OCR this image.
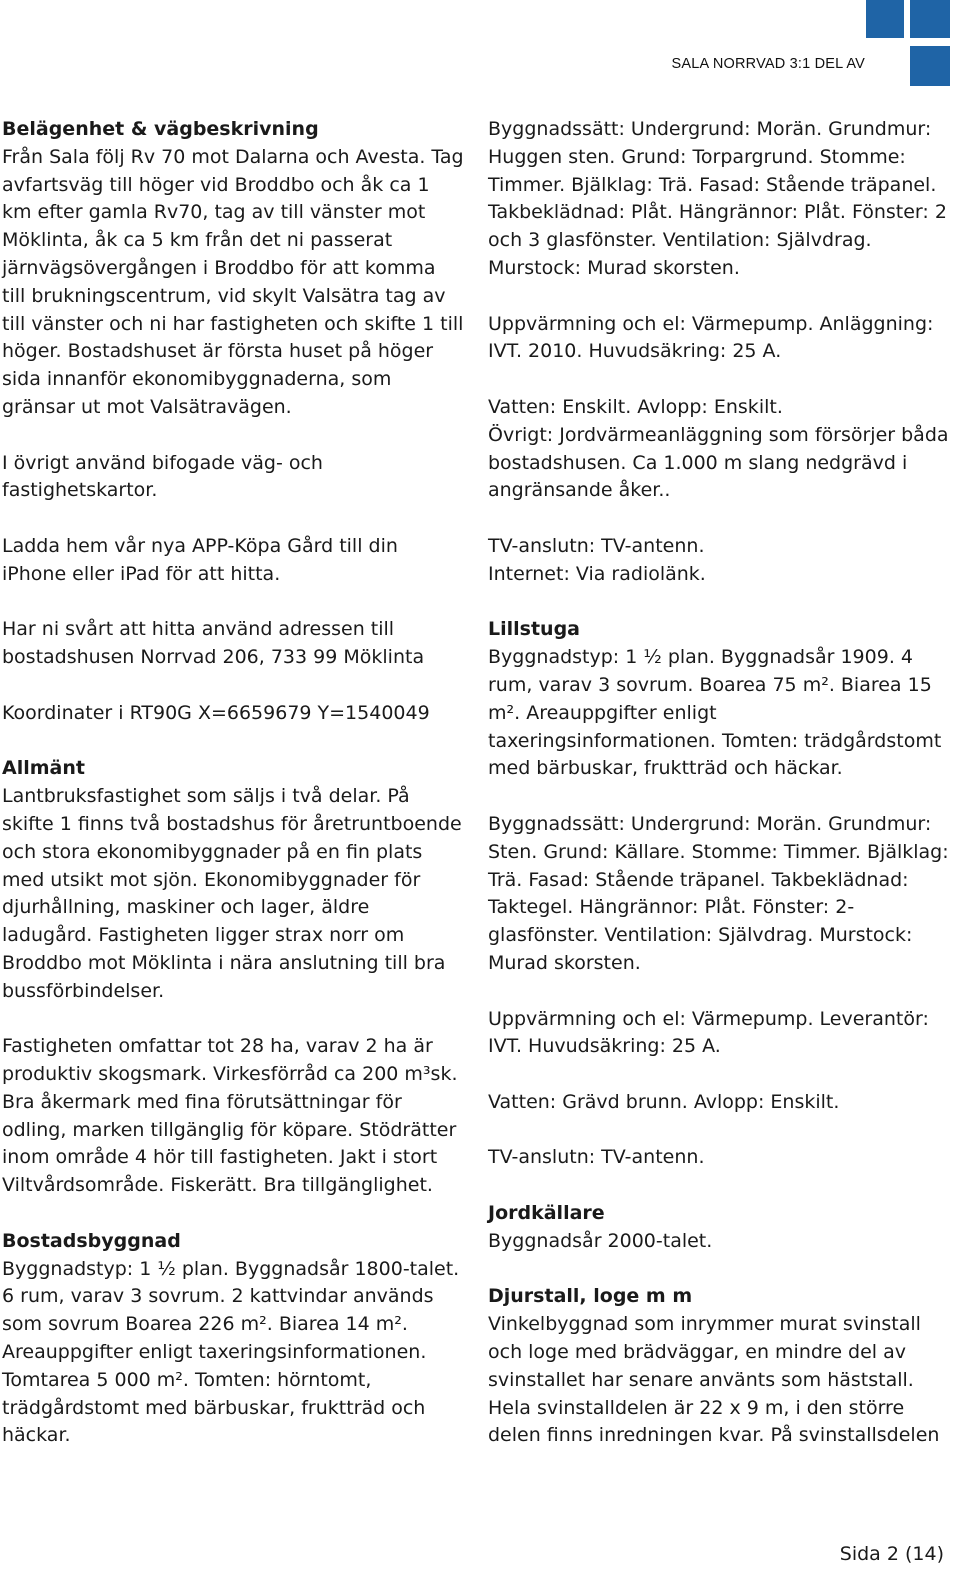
SALA NORRVAD 3:1 DEL AV
Belägenhet & vägbeskrivning

Från Sala följ Rv 70 mot Dalarna och Avesta. Tag avfartsväg till höger vid Broddbo och åk ca 1 km efter gamla Rv70, tag av till vänster mot Möklinta, åk ca 5 km från det ni passerat järnvägsövergången i Broddbo för att komma till brukningscentrum, vid skylt Valsätra tag av till vänster och ni har fastigheten och skifte 1 till höger. Bostadshuset är första huset på höger sida innanför ekonomibyggnaderna, som gränsar ut mot Valsätravägen.

I övrigt använd bifogade väg- och fastighetskartor.

Ladda hem vår nya APP-Köpa Gård till din iPhone eller iPad för att hitta.

Har ni svårt att hitta använd adressen till bostadshusen Norrvad 206, 733 99 Möklinta

Koordinater i RT90G X=6659679 Y=1540049

Allmänt

Lantbruksfastighet som säljs i två delar. På skifte 1 finns två bostadshus för åretruntboende och stora ekonomibyggnader på en fin plats med utsikt mot sjön. Ekonomibyggnader för djurhållning, maskiner och lager, äldre ladugård. Fastigheten ligger strax norr om Broddbo mot Möklinta i nära anslutning till bra bussförbindelser.

Fastigheten omfattar tot 28 ha, varav 2 ha är produktiv skogsmark. Virkesförråd ca 200 m³sk. Bra åkermark med fina förutsättningar för odling, marken tillgänglig för köpare. Stödrätter inom område 4 hör till fastigheten. Jakt i stort Viltvårdsområde. Fiskerätt. Bra tillgänglighet.

Bostadsbyggnad

Byggnadstyp: 1 ½ plan. Byggnadsår 1800-talet. 6 rum, varav 3 sovrum. 2 kattvindar används som sovrum Boarea 226 m². Biarea 14 m². Areauppgifter enligt taxeringsinformationen. Tomtarea 5 000 m². Tomten: hörntomt, trädgårdstomt med bärbuskar, fruktträd och häckar.

Byggnadssätt: Undergrund: Morän. Grundmur: Huggen sten. Grund: Torpargrund. Stomme: Timmer. Bjälklag: Trä. Fasad: Stående träpanel. Takbeklädnad: Plåt. Hängrännor: Plåt. Fönster: 2 och 3 glasfönster. Ventilation: Självdrag. Murstock: Murad skorsten.

Uppvärmning och el: Värmepump. Anläggning: IVT. 2010. Huvudsäkring: 25 A.

Vatten: Enskilt. Avlopp: Enskilt.

Övrigt: Jordvärmeanläggning som försörjer båda bostadshusen. Ca 1.000 m slang nedgrävd i angränsande åker..

TV-anslutn: TV-antenn.

Internet: Via radiolänk.

Lillstuga

Byggnadstyp: 1 ½ plan. Byggnadsår 1909. 4 rum, varav 3 sovrum. Boarea 75 m². Biarea 15 m². Areauppgifter enligt taxeringsinformationen. Tomten: trädgårdstomt med bärbuskar, fruktträd och häckar.

Byggnadssätt: Undergrund: Morän. Grundmur: Sten. Grund: Källare. Stomme: Timmer. Bjälklag: Trä. Fasad: Stående träpanel. Takbeklädnad: Taktegel. Hängrännor: Plåt. Fönster: 2-glasfönster. Ventilation: Självdrag. Murstock: Murad skorsten.

Uppvärmning och el: Värmepump. Leverantör: IVT. Huvudsäkring: 25 A.

Vatten: Grävd brunn. Avlopp: Enskilt.

TV-anslutn: TV-antenn.

Jordkällare

Byggnadsår 2000-talet.

Djurstall, loge m m

Vinkelbyggnad som inrymmer murat svinstall och loge med brädväggar, en mindre del av svinstallet har senare använts som häststall. Hela svinstalldelen är 22 x 9 m, i den större delen finns inredningen kvar. På svinstallsdelen

Sida 2 (14)
